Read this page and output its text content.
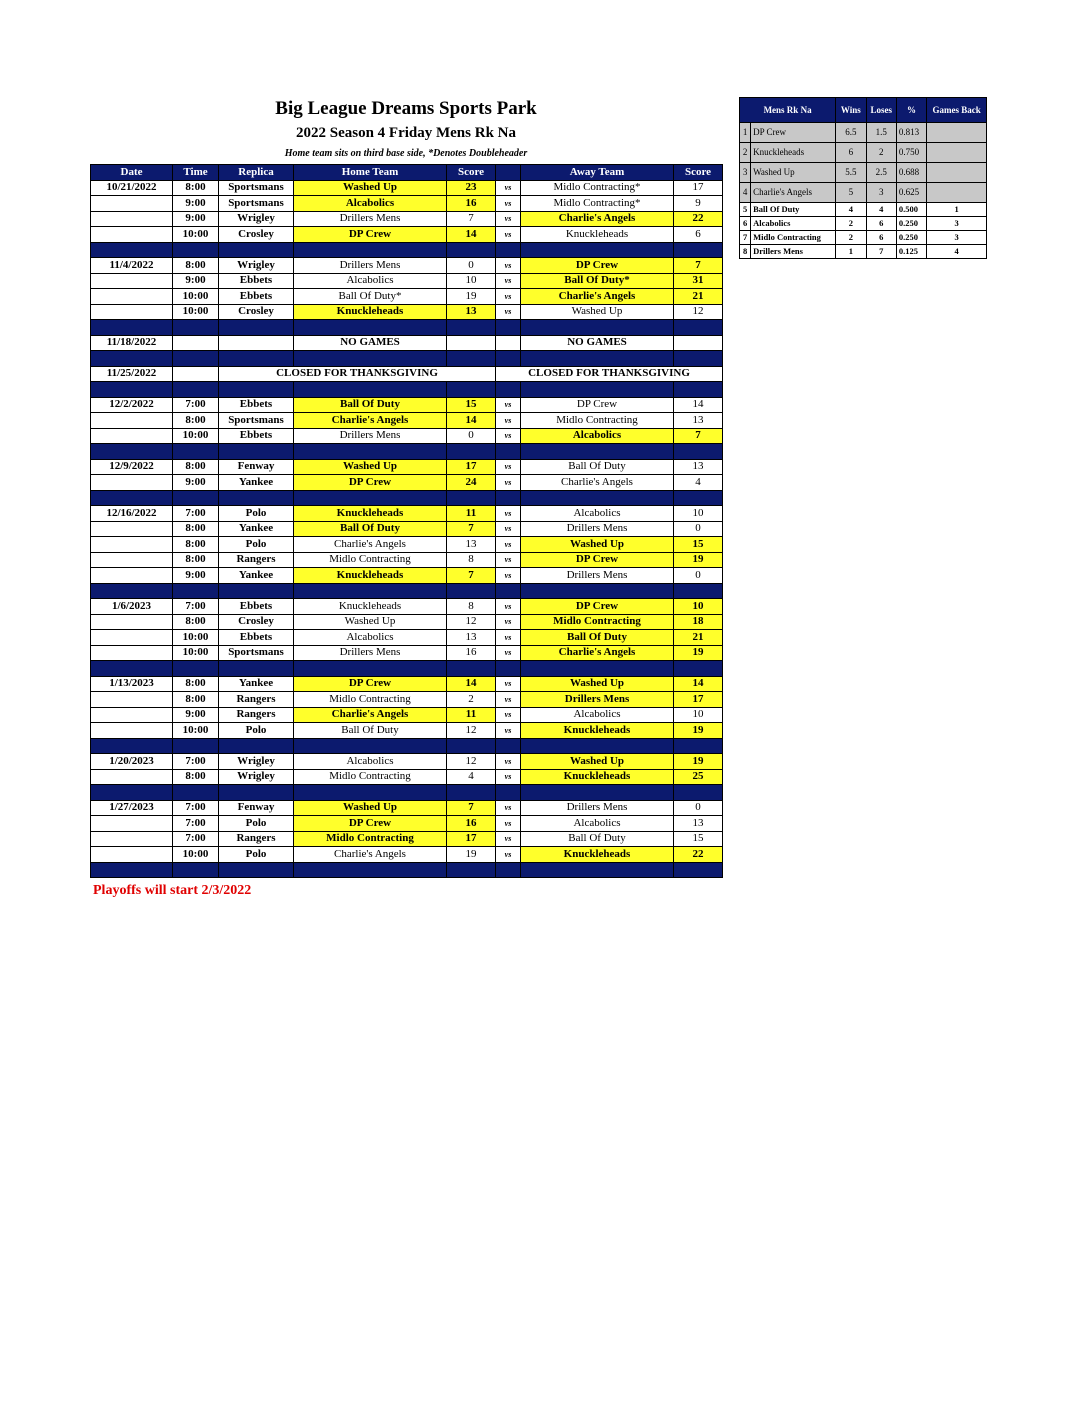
Big League Dreams Sports Park
2022 Season 4 Friday Mens Rk Na
Home team sits on third base side, *Denotes Doubleheader
Date	Time	Replica	Home Team	Score		Away Team	Score
10/21/2022	8:00	Sportsmans	Washed Up	23	vs	Midlo Contracting*	17
	9:00	Sportsmans	Alcabolics	16	vs	Midlo Contracting*	9
	9:00	Wrigley	Drillers Mens	7	vs	Charlie's Angels	22
	10:00	Crosley	DP Crew	14	vs	Knuckleheads	6

11/4/2022	8:00	Wrigley	Drillers Mens	0	vs	DP Crew	7
	9:00	Ebbets	Alcabolics	10	vs	Ball Of Duty*	31
	10:00	Ebbets	Ball Of Duty*	19	vs	Charlie's Angels	21
	10:00	Crosley	Knuckleheads	13	vs	Washed Up	12

11/18/2022			NO GAMES			NO GAMES	

11/25/2022		CLOSED FOR THANKSGIVING			CLOSED FOR THANKSGIVING		

12/2/2022	7:00	Ebbets	Ball Of Duty	15	vs	DP Crew	14
	8:00	Sportsmans	Charlie's Angels	14	vs	Midlo Contracting	13
	10:00	Ebbets	Drillers Mens	0	vs	Alcabolics	7

12/9/2022	8:00	Fenway	Washed Up	17	vs	Ball Of Duty	13
	9:00	Yankee	DP Crew	24	vs	Charlie's Angels	4

12/16/2022	7:00	Polo	Knuckleheads	11	vs	Alcabolics	10
	8:00	Yankee	Ball Of Duty	7	vs	Drillers Mens	0
	8:00	Polo	Charlie's Angels	13	vs	Washed Up	15
	8:00	Rangers	Midlo Contracting	8	vs	DP Crew	19
	9:00	Yankee	Knuckleheads	7	vs	Drillers Mens	0

1/6/2023	7:00	Ebbets	Knuckleheads	8	vs	DP Crew	10
	8:00	Crosley	Washed Up	12	vs	Midlo Contracting	18
	10:00	Ebbets	Alcabolics	13	vs	Ball Of Duty	21
	10:00	Sportsmans	Drillers Mens	16	vs	Charlie's Angels	19

1/13/2023	8:00	Yankee	DP Crew	14	vs	Washed Up	14
	8:00	Rangers	Midlo Contracting	2	vs	Drillers Mens	17
	9:00	Rangers	Charlie's Angels	11	vs	Alcabolics	10
	10:00	Polo	Ball Of Duty	12	vs	Knuckleheads	19

1/20/2023	7:00	Wrigley	Alcabolics	12	vs	Washed Up	19
	8:00	Wrigley	Midlo Contracting	4	vs	Knuckleheads	25

1/27/2023	7:00	Fenway	Washed Up	7	vs	Drillers Mens	0
	7:00	Polo	DP Crew	16	vs	Alcabolics	13
	7:00	Rangers	Midlo Contracting	17	vs	Ball Of Duty	15
	10:00	Polo	Charlie's Angels	19	vs	Knuckleheads	22

Mens Rk Na		Wins	Loses	%	Games Back
1	DP Crew	6.5	1.5	0.813	
2	Knuckleheads	6	2	0.750	
3	Washed Up	5.5	2.5	0.688	
4	Charlie's Angels	5	3	0.625	
5	Ball Of Duty	4	4	0.500	1
6	Alcabolics	2	6	0.250	3
7	Midlo Contracting	2	6	0.250	3
8	Drillers Mens	1	7	0.125	4
Playoffs will start 2/3/2022
